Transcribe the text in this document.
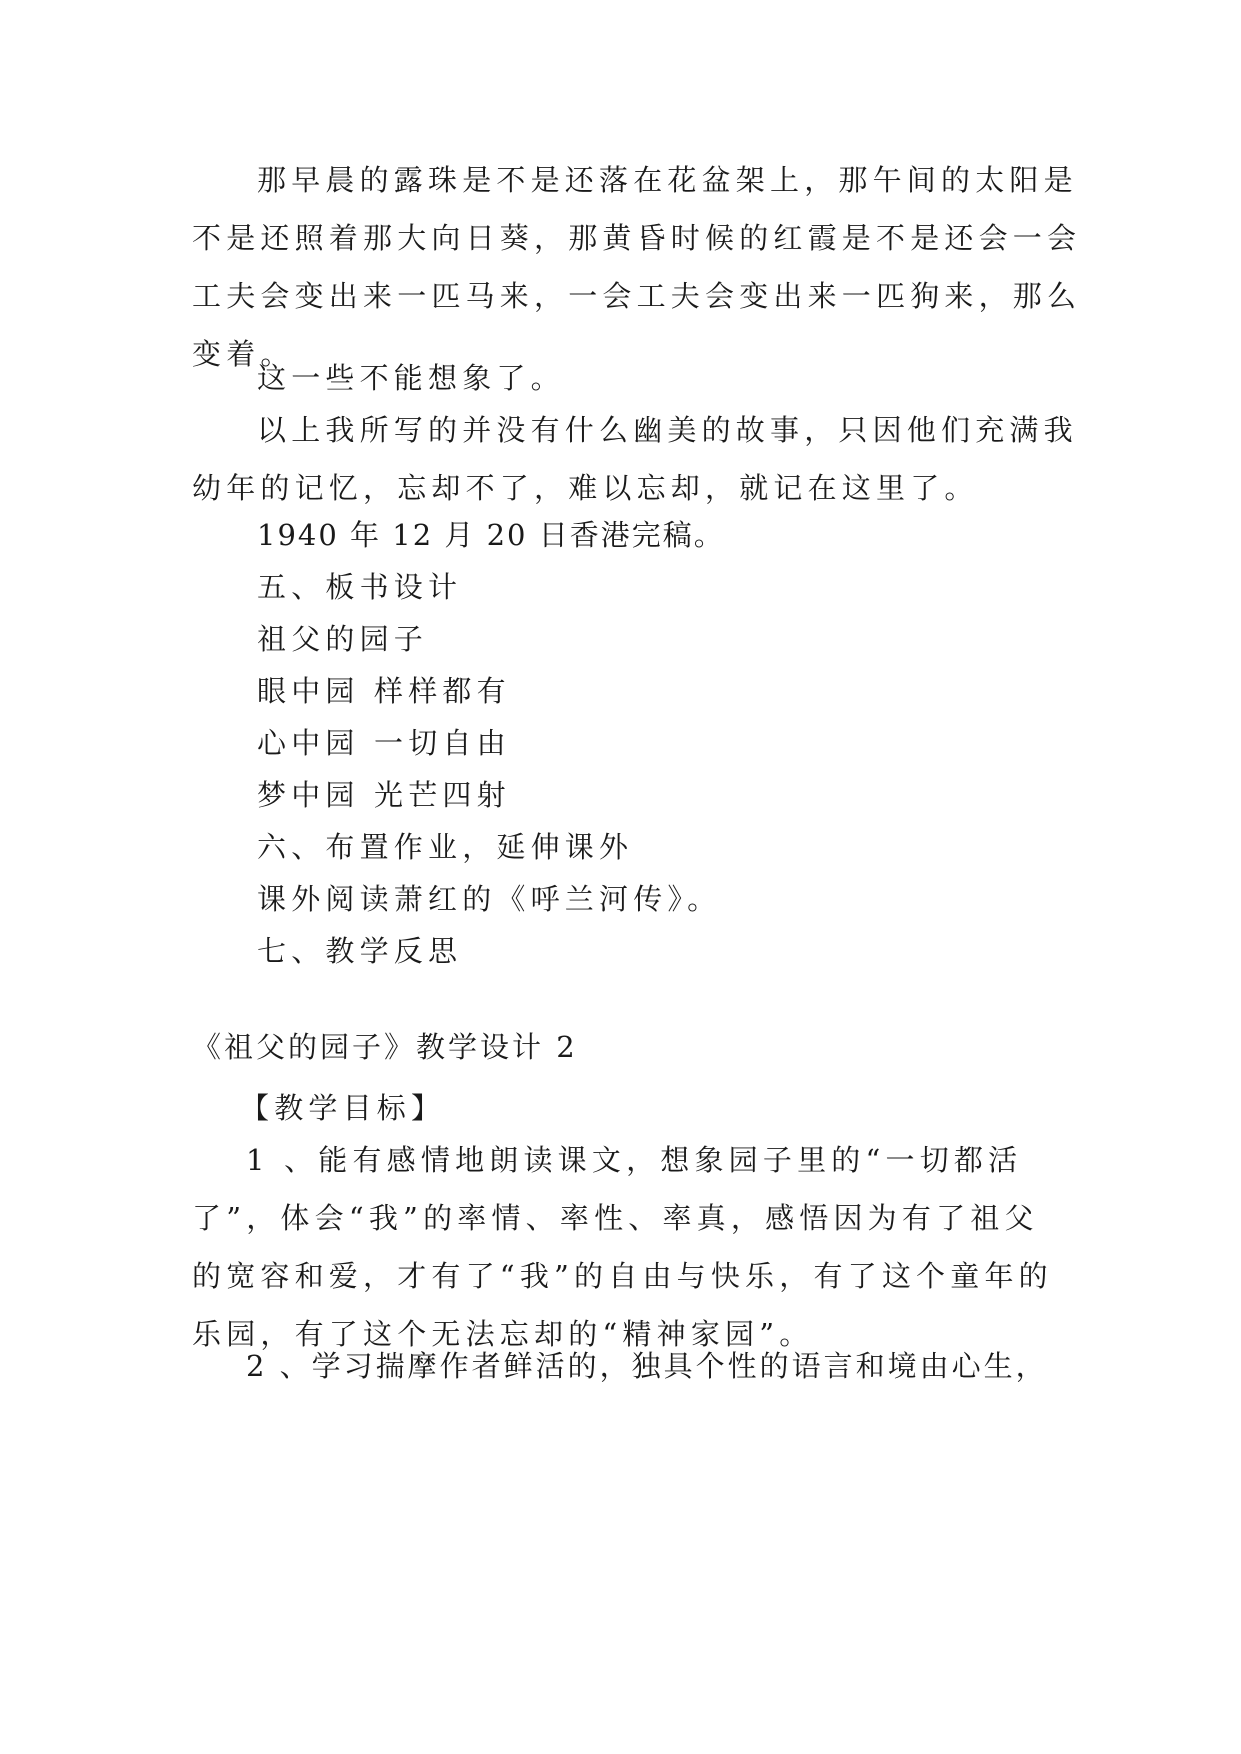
那早晨的露珠是不是还落在花盆架上，那午间的太阳是
不是还照着那大向日葵，那黄昏时候的红霞是不是还会一会
工夫会变出来一匹马来，一会工夫会变出来一匹狗来，那么
变着。
这一些不能想象了。
以上我所写的并没有什么幽美的故事，只因他们充满我
幼年的记忆，忘却不了，难以忘却，就记在这里了。
1940 年 12 月 20 日香港完稿。
五、板书设计
祖父的园子
眼中园 样样都有
心中园 一切自由
梦中园 光芒四射
六、布置作业，延伸课外
课外阅读萧红的《呼兰河传》。
七、教学反思
《祖父的园子》教学设计 2
【教学目标】
1 、能有感情地朗读课文，想象园子里的“一切都活
了”，体会“我”的率情、率性、率真，感悟因为有了祖父
的宽容和爱，才有了“我”的自由与快乐，有了这个童年的
乐园，有了这个无法忘却的“精神家园”。
2 、学习揣摩作者鲜活的，独具个性的语言和境由心生，
